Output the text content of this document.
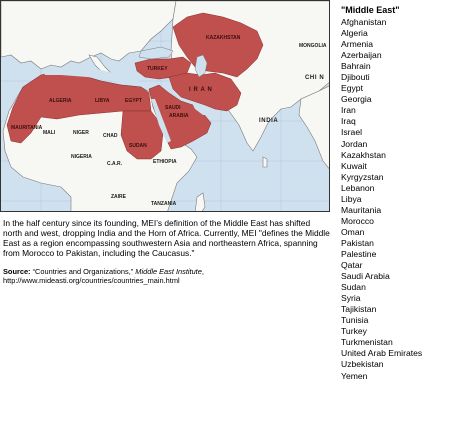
KAZAKHSTAN
MONGOLIA
CHI N
TURKEY
I R A N
INDIA
ALGERIA	LIBYA	EGYPT
SAUDI
ARABIA
MAURITANIA
MALI	NIGER	CHAD
SUDAN
NIGERIA
ETHIOPIA
C.A.R.
ZAIRE
TANZANIA

In the half century since its founding, MEI’s definition of the Middle East has shifted north and west, dropping India and the Horn of Africa. Currently, MEI "defines the Middle East as a region encompassing southwestern Asia and northeastern Africa, spanning from Morocco to Pakistan, including the Caucasus."

Source: “Countries and Organizations,” Middle East Institute,
http://www.mideasti.org/countries/countries_main.html

"Middle East"
Afghanistan
Algeria
Armenia
Azerbaijan
Bahrain
Djibouti
Egypt
Georgia
Iran
Iraq
Israel
Jordan
Kazakhstan
Kuwait
Kyrgyzstan
Lebanon
Libya
Mauritania
Morocco
Oman
Pakistan
Palestine
Qatar
Saudi Arabia
Sudan
Syria
Tajikistan
Tunisia
Turkey
Turkmenistan
United Arab Emirates
Uzbekistan
Yemen
